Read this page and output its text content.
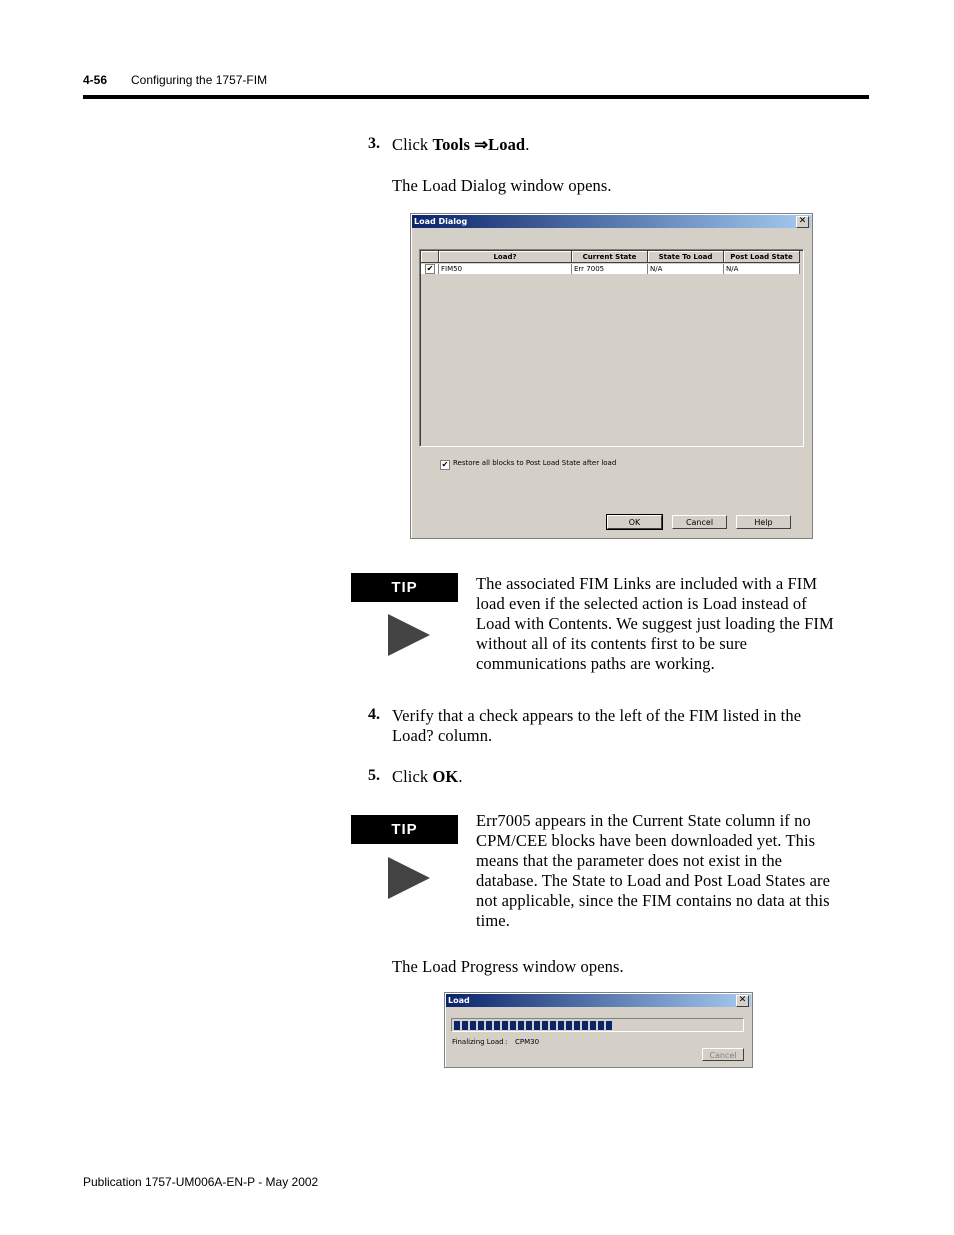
4-56 Configuring the 1757-FIM
3. Click Tools ⇒Load.
The Load Dialog window opens.
Load Dialog	✕
Load?	Current State	State To Load	Post Load State
✔ FIM50	Err 7005	N/A	N/A
✔ Restore all blocks to Post Load State after load
OK	Cancel	Help
TIP	The associated FIM Links are included with a FIM
load even if the selected action is Load instead of
Load with Contents. We suggest just loading the FIM
without all of its contents first to be sure
communications paths are working.
4. Verify that a check appears to the left of the FIM listed in the
Load? column.
5. Click OK.
TIP	Err7005 appears in the Current State column if no
CPM/CEE blocks have been downloaded yet. This
means that the parameter does not exist in the
database. The State to Load and Post Load States are
not applicable, since the FIM contains no data at this
time.
The Load Progress window opens.
Load	✕
Finalizing Load : CPM30
Cancel
Publication 1757-UM006A-EN-P - May 2002
